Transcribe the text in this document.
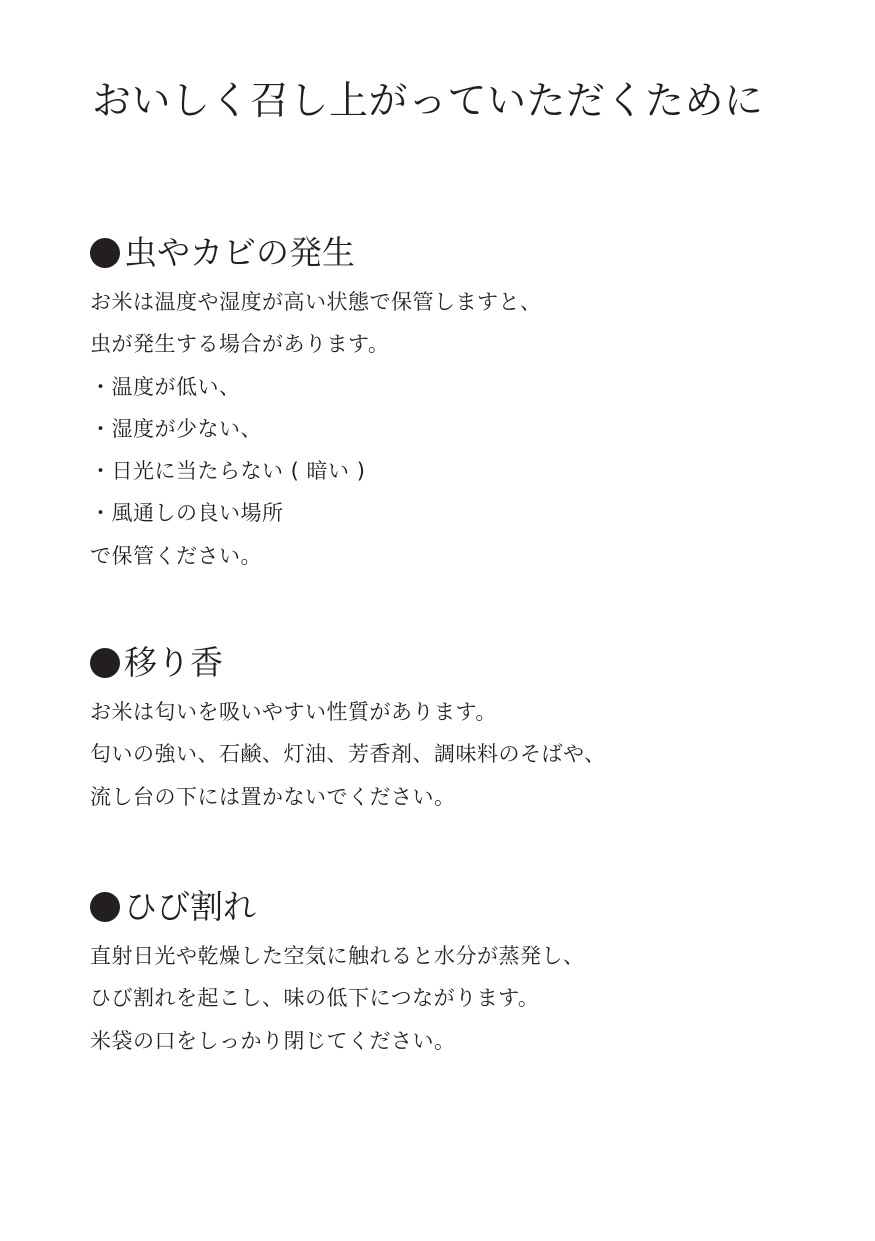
おいしく召し上がっていただくために
虫やカビの発生
お米は温度や湿度が高い状態で保管しますと、
虫が発生する場合があります。
・温度が低い、
・湿度が少ない、
・日光に当たらない ( 暗い )
・風通しの良い場所
で保管ください。
移り香
お米は匂いを吸いやすい性質があります。
匂いの強い、石鹸、灯油、芳香剤、調味料のそばや、
流し台の下には置かないでください。
ひび割れ
直射日光や乾燥した空気に触れると水分が蒸発し、
ひび割れを起こし、味の低下につながります。
米袋の口をしっかり閉じてください。
